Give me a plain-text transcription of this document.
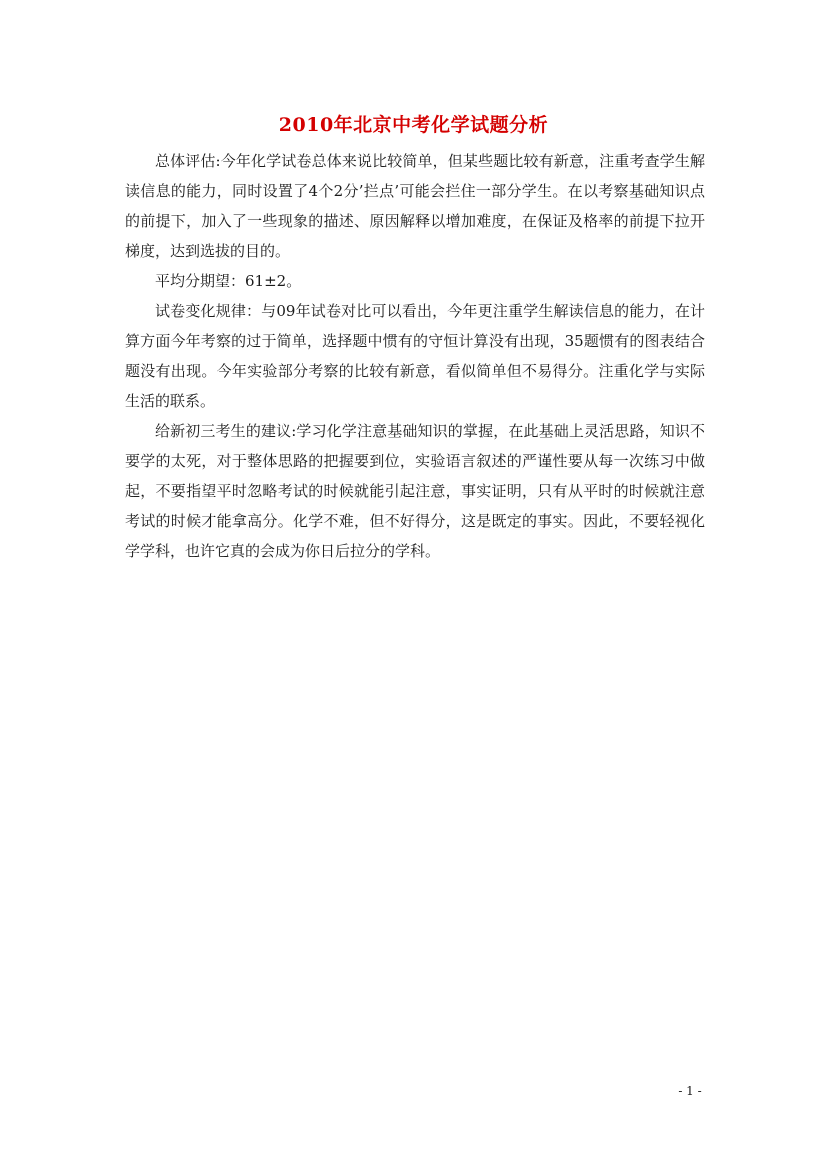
2010年北京中考化学试题分析

总体评估:今年化学试卷总体来说比较简单，但某些题比较有新意，注重考查学生解读信息的能力，同时设置了4个2分’拦点’可能会拦住一部分学生。在以考察基础知识点的前提下，加入了一些现象的描述、原因解释以增加难度，在保证及格率的前提下拉开梯度，达到选拔的目的。

平均分期望：61±2。

试卷变化规律：与09年试卷对比可以看出，今年更注重学生解读信息的能力，在计算方面今年考察的过于简单，选择题中惯有的守恒计算没有出现，35题惯有的图表结合题没有出现。今年实验部分考察的比较有新意，看似简单但不易得分。注重化学与实际生活的联系。

给新初三考生的建议:学习化学注意基础知识的掌握，在此基础上灵活思路，知识不要学的太死，对于整体思路的把握要到位，实验语言叙述的严谨性要从每一次练习中做起，不要指望平时忽略考试的时候就能引起注意，事实证明，只有从平时的时候就注意考试的时候才能拿高分。化学不难，但不好得分，这是既定的事实。因此，不要轻视化学学科，也许它真的会成为你日后拉分的学科。

- 1 -
